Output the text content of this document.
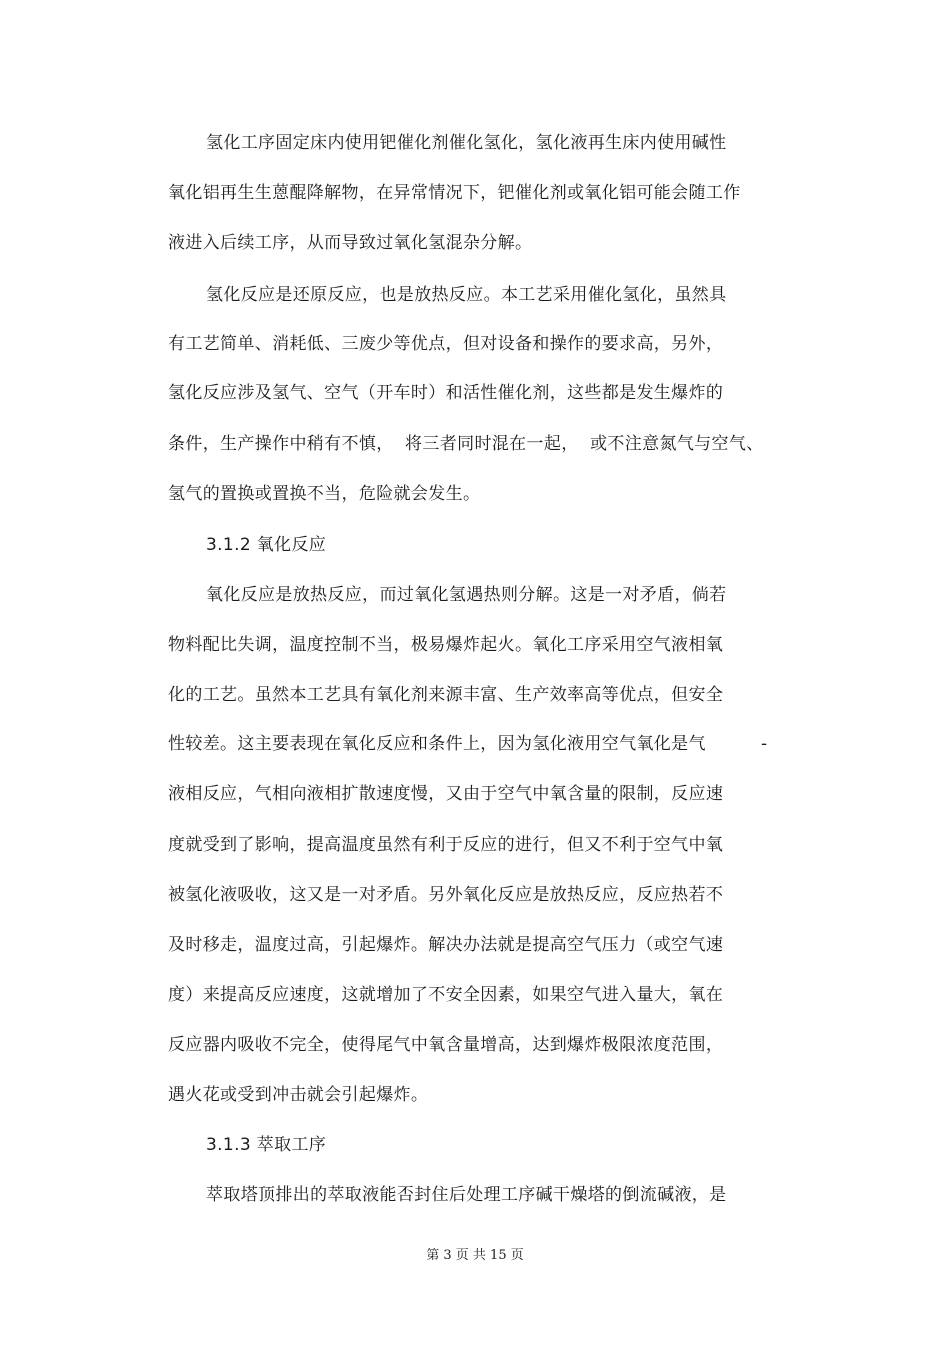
氢化工序固定床内使用钯催化剂催化氢化，氢化液再生床内使用碱性
氧化铝再生生蒽醌降解物，在异常情况下，钯催化剂或氧化铝可能会随工作
液进入后续工序，从而导致过氧化氢混杂分解。
氢化反应是还原反应，也是放热反应。本工艺采用催化氢化，虽然具
有工艺简单、消耗低、三废少等优点，但对设备和操作的要求高，另外，
氢化反应涉及氢气、空气（开车时）和活性催化剂，这些都是发生爆炸的
条件，生产操作中稍有不慎，  将三者同时混在一起，  或不注意氮气与空气、
氢气的置换或置换不当，危险就会发生。
3.1.2 氧化反应
氧化反应是放热反应，而过氧化氢遇热则分解。这是一对矛盾，倘若
物料配比失调，温度控制不当，极易爆炸起火。氧化工序采用空气液相氧
化的工艺。虽然本工艺具有氧化剂来源丰富、生产效率高等优点，但安全
性较差。这主要表现在氧化反应和条件上，因为氢化液用空气氧化是气	-
液相反应，气相向液相扩散速度慢，又由于空气中氧含量的限制，反应速
度就受到了影响，提高温度虽然有利于反应的进行，但又不利于空气中氧
被氢化液吸收，这又是一对矛盾。另外氧化反应是放热反应，反应热若不
及时移走，温度过高，引起爆炸。解决办法就是提高空气压力（或空气速
度）来提高反应速度，这就增加了不安全因素，如果空气进入量大，氧在
反应器内吸收不完全，使得尾气中氧含量增高，达到爆炸极限浓度范围，
遇火花或受到冲击就会引起爆炸。
3.1.3 萃取工序
萃取塔顶排出的萃取液能否封住后处理工序碱干燥塔的倒流碱液，是
第 3 页 共 15 页
